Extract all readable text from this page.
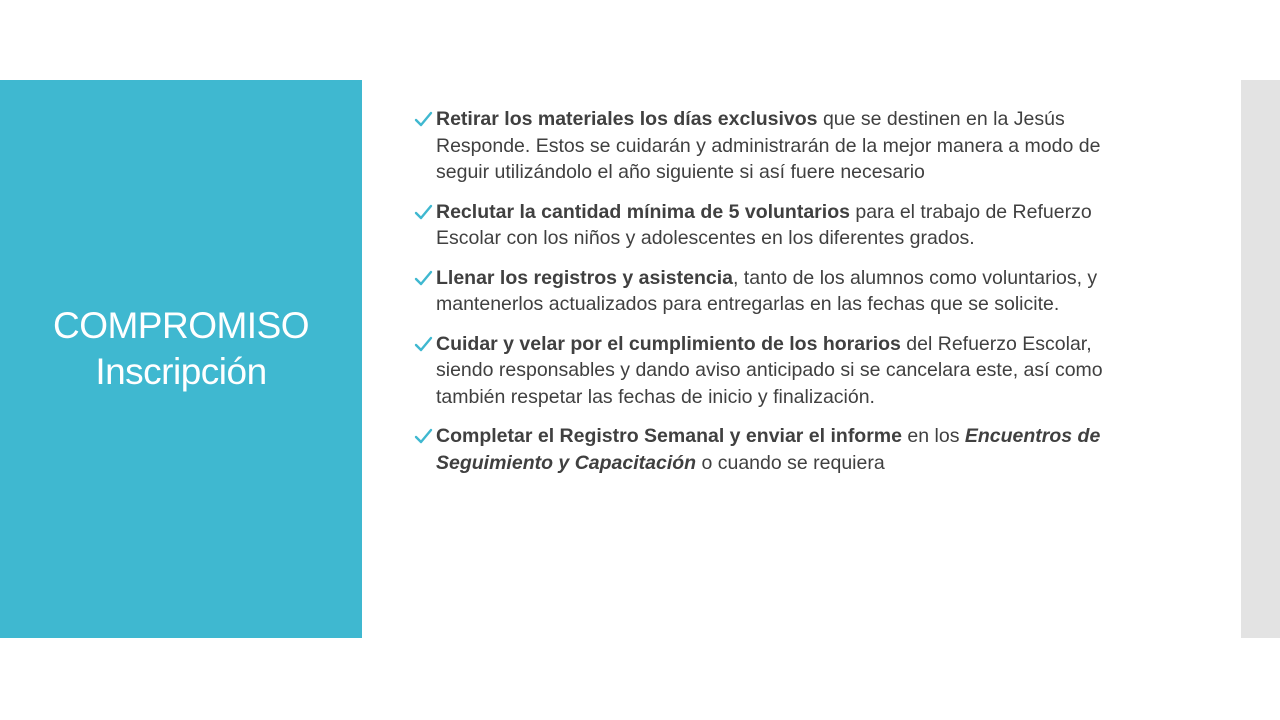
COMPROMISO
Inscripción
Retirar los materiales los días exclusivos que se destinen en la Jesús Responde. Estos se cuidarán y administrarán de la mejor manera a modo de seguir utilizándolo el año siguiente si así fuere necesario
Reclutar la cantidad mínima de 5 voluntarios para el trabajo de Refuerzo Escolar con los niños y adolescentes en los diferentes grados.
Llenar los registros y asistencia, tanto de los alumnos como voluntarios, y mantenerlos actualizados para entregarlas en las fechas que se solicite.
Cuidar y velar por el cumplimiento de los horarios del Refuerzo Escolar, siendo responsables y dando aviso anticipado si se cancelara este, así como también respetar las fechas de inicio y finalización.
Completar el Registro Semanal y enviar el informe en los Encuentros de Seguimiento y Capacitación o cuando se requiera
